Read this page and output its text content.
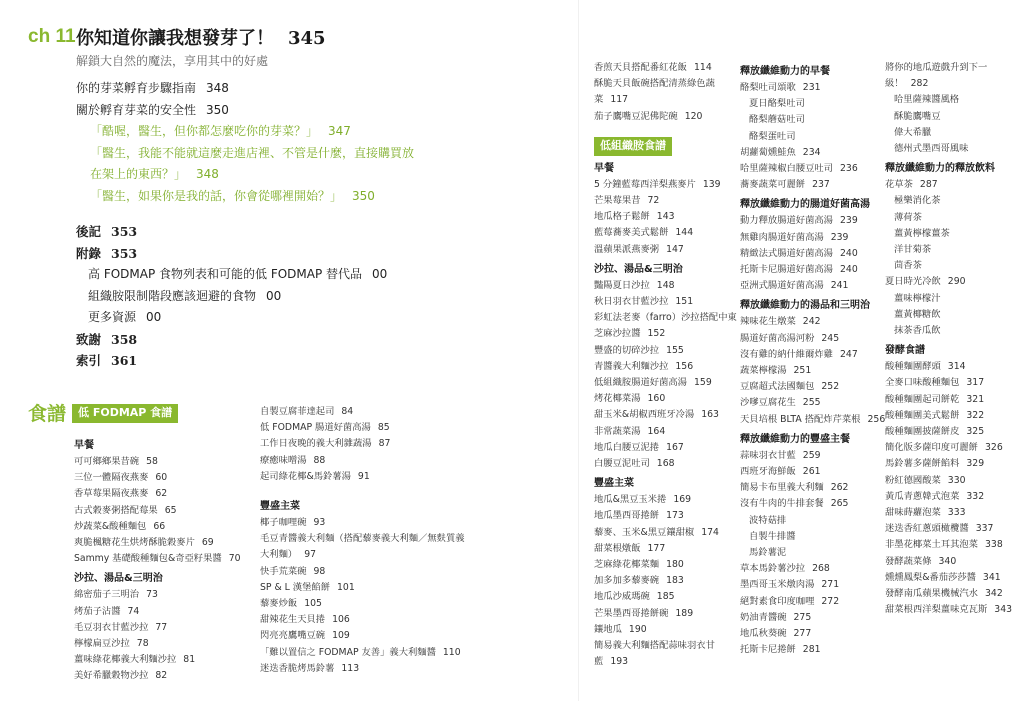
ch 11 你知道你讓我想發芽了！ 345
解鎖大自然的魔法，享用其中的好處
你的芽菜孵育步驟指南 348
關於孵育芽菜的安全性 350
「酷喔，醫生，但你都怎麼吃你的芽菜？」 347
「醫生，我能不能就這麼走進店裡、不管是什麼，直接購買放
在架上的東西？」 348
「醫生，如果你是我的話，你會從哪裡開始？」 350
後記 353
附錄 353
高 FODMAP 食物列表和可能的低 FODMAP 替代品 00
組織胺限制階段應該迴避的食物 00
更多資源 00
致謝 358
索引 361
食譜	低 FODMAP 食譜
早餐
可可鄉鄉果昔碗 58
三位一體隔夜燕麥 60
香草莓果隔夜燕麥 62
古式穀麥粥搭配莓果 65
炒蔬菜&酸種麵包 66
爽脆楓糖花生烘烤酥脆穀麥片 69
Sammy 基礎酸種麵包&奇亞籽果醬 70
沙拉、湯品&三明治
綿密茄子三明治 73
烤茄子沾醬 74
毛豆羽衣甘藍沙拉 77
檸檬扁豆沙拉 78
薑味綠花椰義大利麵沙拉 81
美好希臘穀物沙拉 82
自製豆腐菲達起司 84
低 FODMAP 腸道好菌高湯 85
工作日夜晚的義大利雜蔬湯 87
療癒味噌湯 88
起司綠花椰&馬鈴薯湯 91
豐盛主菜
椰子咖哩碗 93
毛豆青醬義大利麵（搭配藜麥義大利麵／無麩質義
大利麵） 97
快手荒菜碗 98
SP & L 漢堡餡餅 101
藜麥炒飯 105
甜辣花生天貝捲 106
閃亮亮鷹嘴豆碗 109
「難以置信之 FODMAP 友善」義大利麵醬 110
迷迭香脆烤馬鈴薯 113
香煎天貝搭配番紅花飯 114
酥脆天貝飯碗搭配清蒸綠色蔬
菜 117
茄子鷹嘴豆泥佛陀碗 120
低組織胺食譜
早餐
5 分鐘藍莓西洋梨燕麥片 139
芒果莓果昔 72
地瓜格子鬆餅 143
藍莓蕎麥美式鬆餅 144
溫蘋果派燕麥粥 147
沙拉、湯品&三明治
豔陽夏日沙拉 148
秋日羽衣甘藍沙拉 151
彩虹法老麥（farro）沙拉搭配中東
芝麻沙拉醬 152
豐盛的切碎沙拉 155
青醬義大利麵沙拉 156
低組織胺腸道好菌高湯 159
烤花椰菜湯 160
甜玉米&胡椒西班牙冷湯 163
非常蔬菜湯 164
地瓜白腰豆泥捲 167
白腰豆泥吐司 168
豐盛主菜
地瓜&黑豆玉米捲 169
地瓜墨西哥捲餅 173
藜麥、玉米&黑豆鑲甜椒 174
甜菜根燉飯 177
芝麻綠花椰菜麵 180
加多加多藜麥碗 183
地瓜沙威瑪碗 185
芒果墨西哥捲餅碗 189
鑲地瓜 190
簡易義大利麵搭配蒜味羽衣甘
藍 193
釋放纖維動力的早餐
酪梨吐司頌歌 231
夏日酪梨吐司
酪梨蘑菇吐司
酪梨蛋吐司
胡蘿蔔燻鮭魚 234
哈里薩辣椒白腰豆吐司 236
蕎麥蔬菜可麗餅 237
釋放纖維動力的腸道好菌高湯
動力釋放腸道好菌高湯 239
無雞肉腸道好菌高湯 239
精緻法式腸道好菌高湯 240
托斯卡尼腸道好菌高湯 240
亞洲式腸道好菌高湯 241
釋放纖維動力的湯品和三明治
辣味花生燉菜 242
腸道好菌高湯河粉 245
沒有雞的納什維爾炸雞 247
蔬菜檸檬湯 251
豆腐超式法國麵包 252
沙嗲豆腐花生 255
天貝培根 BLTA 搭配炸芹菜根 256
釋放纖維動力的豐盛主餐
蒜味羽衣甘藍 259
西班牙海鮮飯 261
簡易卡布里義大利麵 262
沒有牛肉的牛排套餐 265
波特菇排
自製牛排醬
馬鈴薯泥
草本馬鈴薯沙拉 268
墨西哥玉米燉肉湯 271
絕對素食印度咖哩 272
奶油青醬碗 275
地瓜秋葵碗 277
托斯卡尼捲餅 281
將你的地瓜遊戲升到下一
級！ 282
哈里薩辣醬風格
酥脆鷹嘴豆
偉大希臘
德州式墨西哥風味
釋放纖維動力的釋放飲料
花草茶 287
極樂消化茶
薄荷茶
薑黃檸檬薑茶
洋甘菊茶
茴香茶
夏日時光冷飲 290
薑味檸檬汁
薑黃椰糖飲
抹茶香瓜飲
發酵食譜
酸種麵團酵頭 314
全麥口味酸種麵包 317
酸種麵團起司餅乾 321
酸種麵團美式鬆餅 322
酸種麵團披薩餅皮 325
簡化版多薩印度可麗餅 326
馬鈴薯多薩餅餡料 329
粉紅德國酸菜 330
黃瓜青蔥韓式泡菜 332
甜味蒔蘿泡菜 333
迷迭香紅蔥頭橄欖醬 337
非墨花椰菜土耳其泡菜 338
發酵蔬菜條 340
燻燻鳳梨&番茄莎莎醬 341
發酵南瓜蘋果機械汽水 342
甜菜根西洋梨薑味克瓦斯 343
